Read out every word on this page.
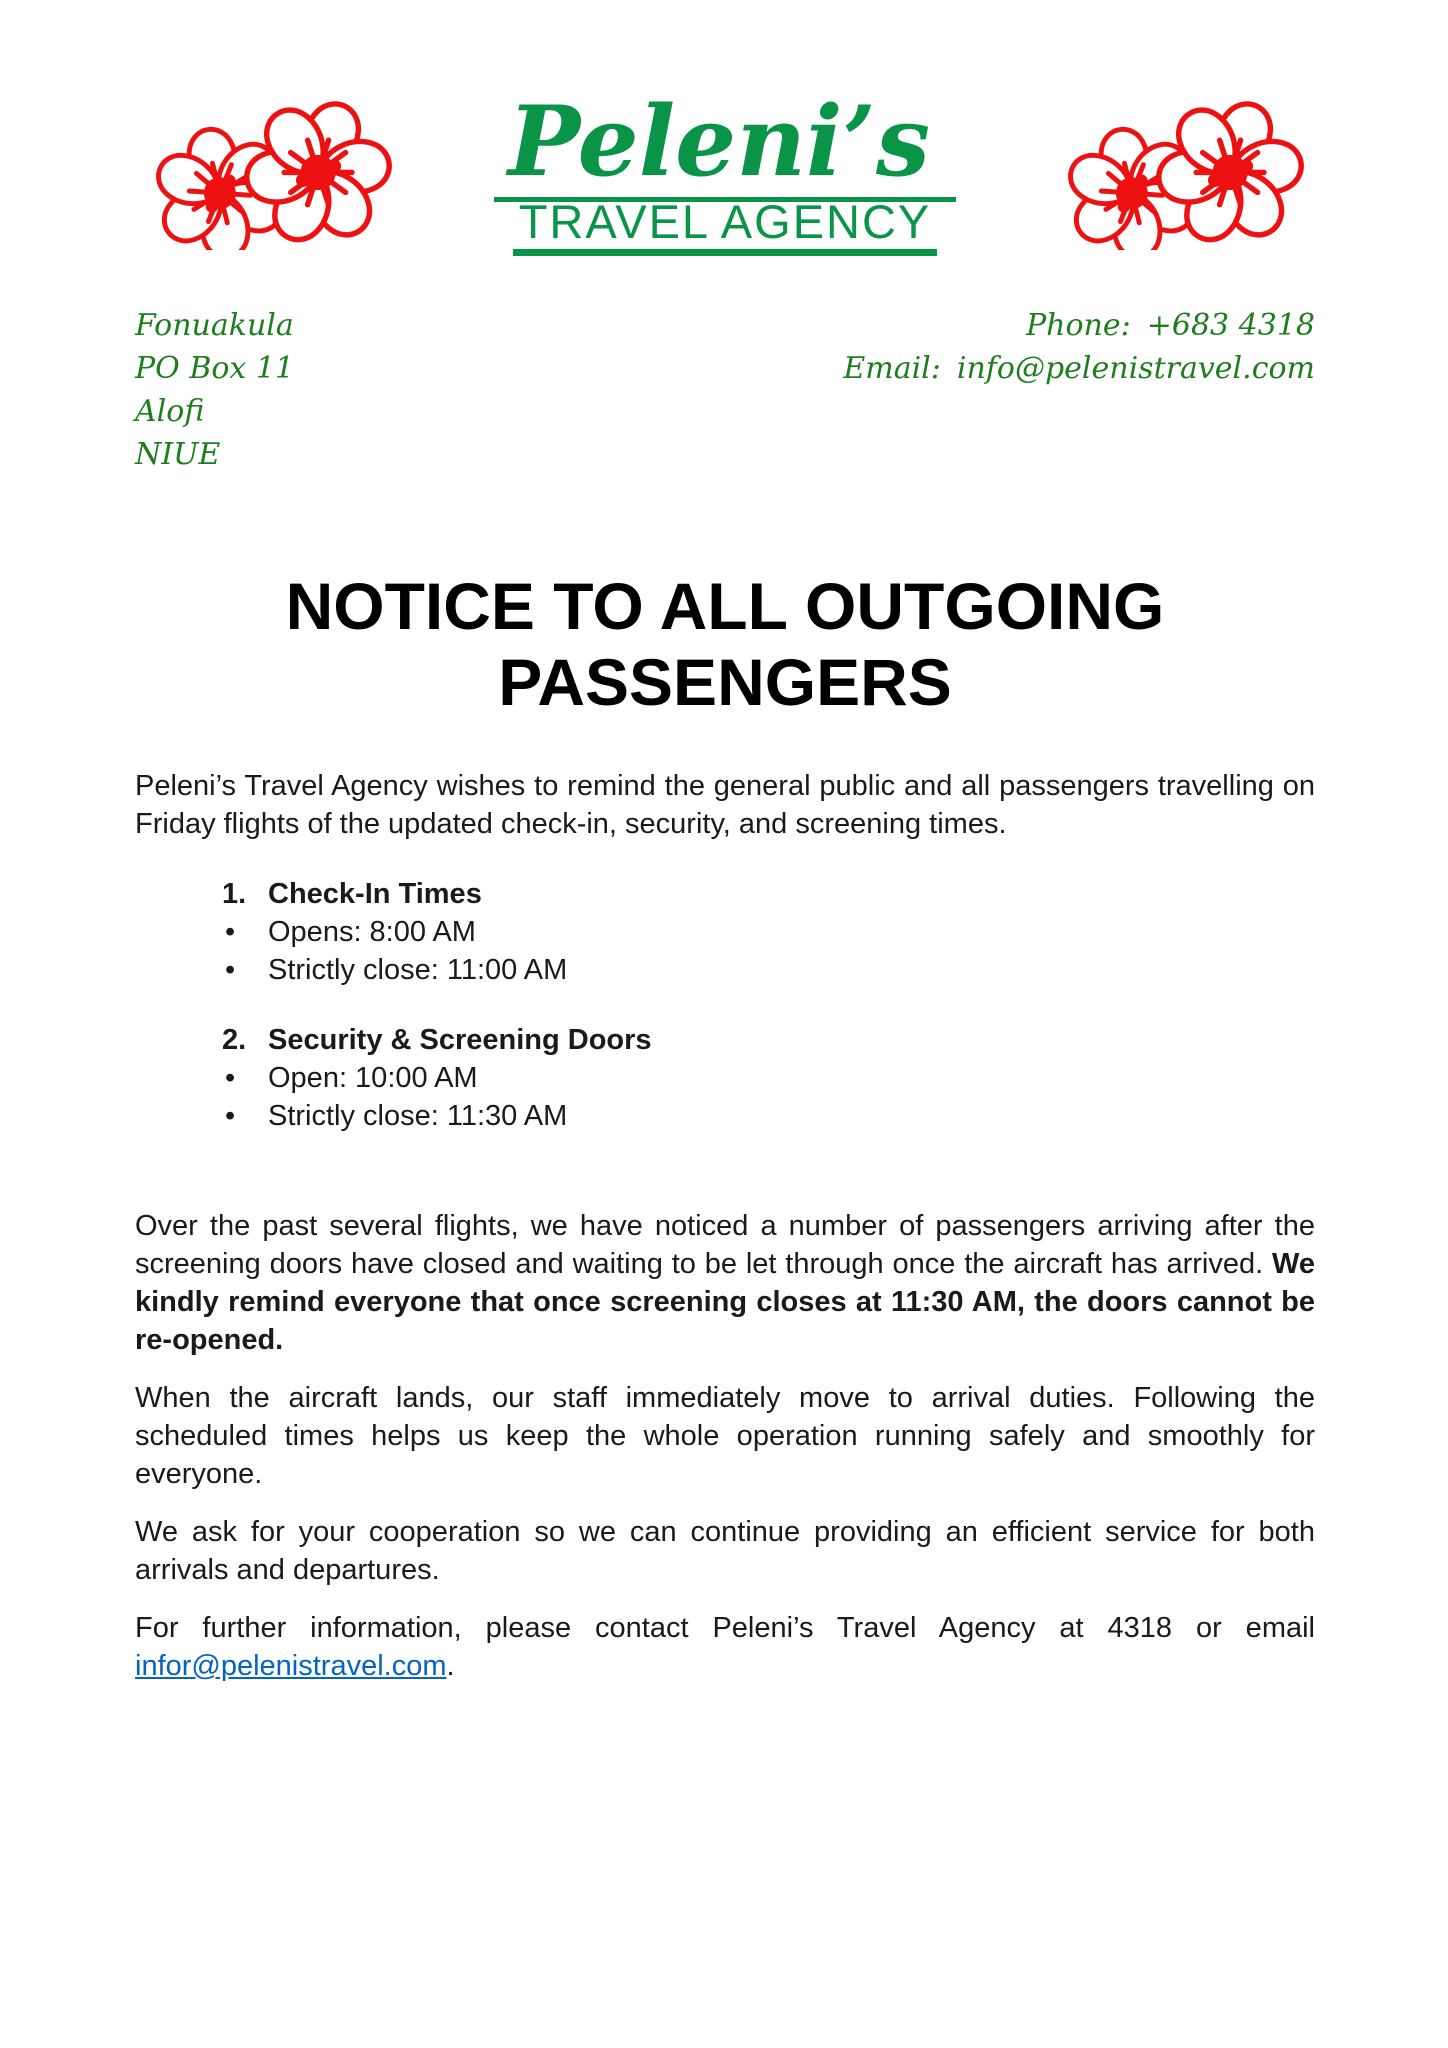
Peleni’s
TRAVEL AGENCY
Fonuakula
PO Box 11
Alofi
NIUE
Phone: +683 4318
Email: info@pelenistravel.com
NOTICE TO ALL OUTGOING PASSENGERS

Peleni’s Travel Agency wishes to remind the general public and all passengers travelling on Friday flights of the updated check-in, security, and screening times.

1. Check-In Times
•	Opens: 8:00 AM
•	Strictly close: 11:00 AM
2. Security & Screening Doors
•	Open: 10:00 AM
•	Strictly close: 11:30 AM

Over the past several flights, we have noticed a number of passengers arriving after the screening doors have closed and waiting to be let through once the aircraft has arrived. We kindly remind everyone that once screening closes at 11:30 AM, the doors cannot be re-opened.

When the aircraft lands, our staff immediately move to arrival duties. Following the scheduled times helps us keep the whole operation running safely and smoothly for everyone.

We ask for your cooperation so we can continue providing an efficient service for both arrivals and departures.

For further information, please contact Peleni’s Travel Agency at 4318 or email infor@pelenistravel.com.
